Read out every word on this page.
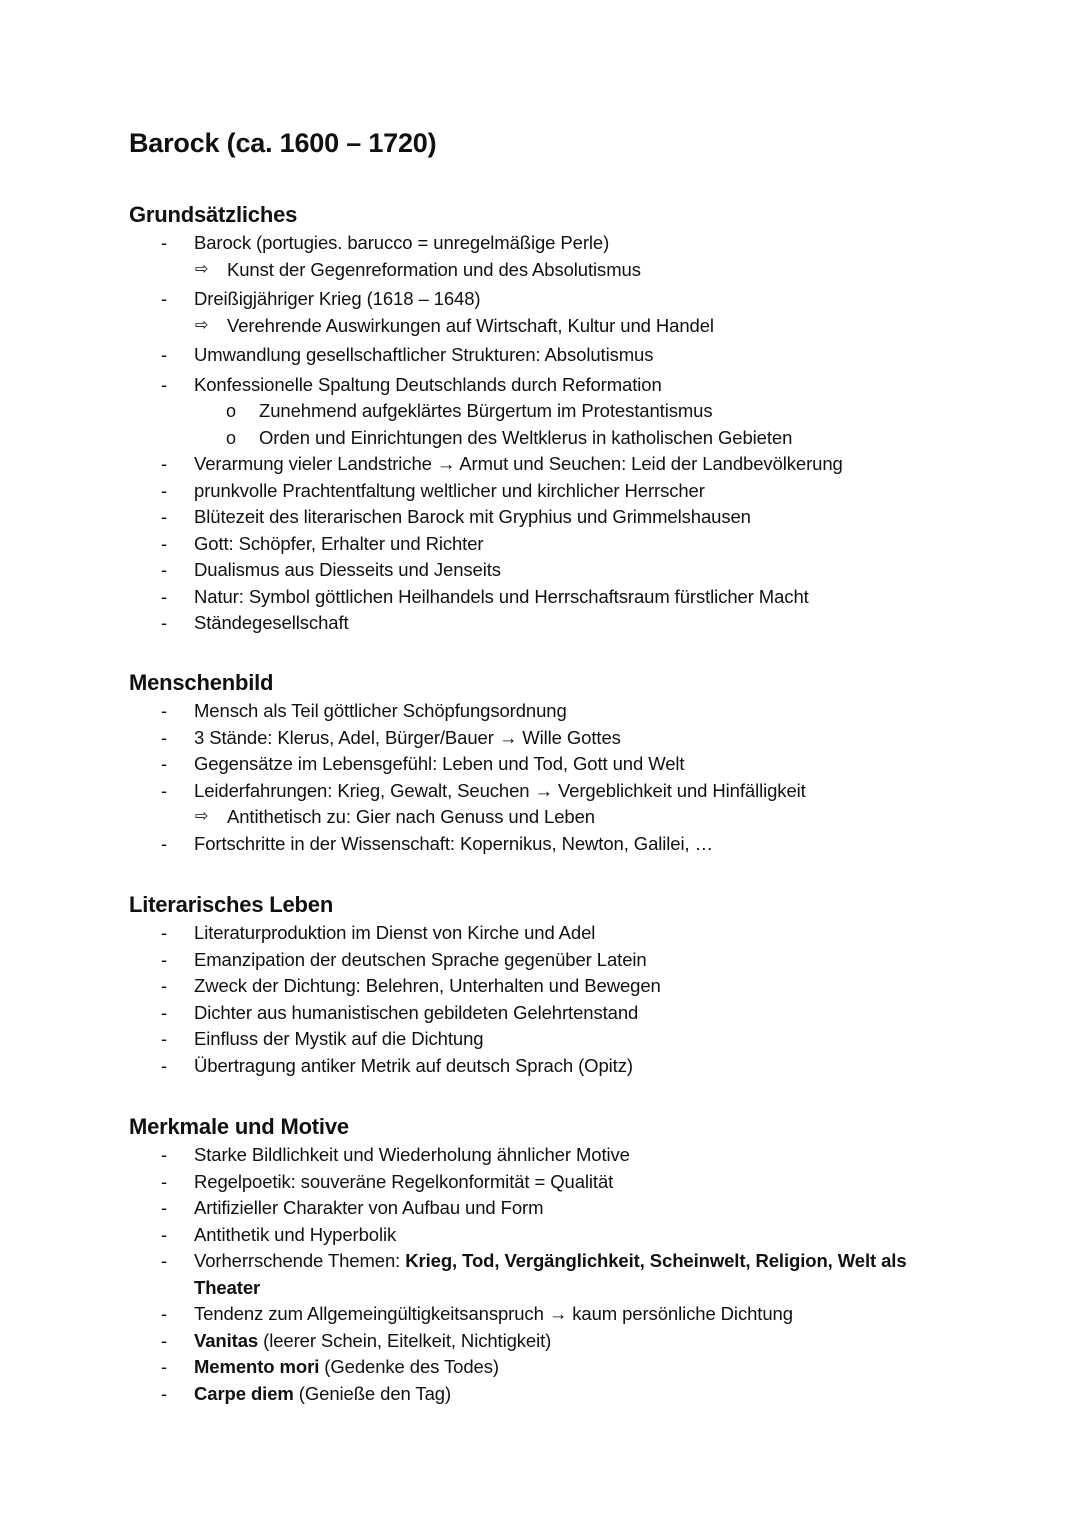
Barock (ca. 1600 – 1720)
Grundsätzliches
- Barock (portugies. barucco = unregelmäßige Perle)
⇨ Kunst der Gegenreformation und des Absolutismus
- Dreißigjähriger Krieg (1618 – 1648)
⇨ Verehrende Auswirkungen auf Wirtschaft, Kultur und Handel
- Umwandlung gesellschaftlicher Strukturen: Absolutismus
- Konfessionelle Spaltung Deutschlands durch Reformation
o Zunehmend aufgeklärtes Bürgertum im Protestantismus
o Orden und Einrichtungen des Weltklerus in katholischen Gebieten
- Verarmung vieler Landstriche → Armut und Seuchen: Leid der Landbevölkerung
- prunkvolle Prachtentfaltung weltlicher und kirchlicher Herrscher
- Blütezeit des literarischen Barock mit Gryphius und Grimmelshausen
- Gott: Schöpfer, Erhalter und Richter
- Dualismus aus Diesseits und Jenseits
- Natur: Symbol göttlichen Heilhandels und Herrschaftsraum fürstlicher Macht
- Ständegesellschaft
Menschenbild
- Mensch als Teil göttlicher Schöpfungsordnung
- 3 Stände: Klerus, Adel, Bürger/Bauer → Wille Gottes
- Gegensätze im Lebensgefühl: Leben und Tod, Gott und Welt
- Leiderfahrungen: Krieg, Gewalt, Seuchen → Vergeblichkeit und Hinfälligkeit
⇨ Antithetisch zu: Gier nach Genuss und Leben
- Fortschritte in der Wissenschaft: Kopernikus, Newton, Galilei, …
Literarisches Leben
- Literaturproduktion im Dienst von Kirche und Adel
- Emanzipation der deutschen Sprache gegenüber Latein
- Zweck der Dichtung: Belehren, Unterhalten und Bewegen
- Dichter aus humanistischen gebildeten Gelehrtenstand
- Einfluss der Mystik auf die Dichtung
- Übertragung antiker Metrik auf deutsch Sprach (Opitz)
Merkmale und Motive
- Starke Bildlichkeit und Wiederholung ähnlicher Motive
- Regelpoetik: souveräne Regelkonformität = Qualität
- Artifizieller Charakter von Aufbau und Form
- Antithetik und Hyperbolik
- Vorherrschende Themen: Krieg, Tod, Vergänglichkeit, Scheinwelt, Religion, Welt als Theater
- Tendenz zum Allgemeingültigkeitsanspruch → kaum persönliche Dichtung
- Vanitas (leerer Schein, Eitelkeit, Nichtigkeit)
- Memento mori (Gedenke des Todes)
- Carpe diem (Genieße den Tag)
